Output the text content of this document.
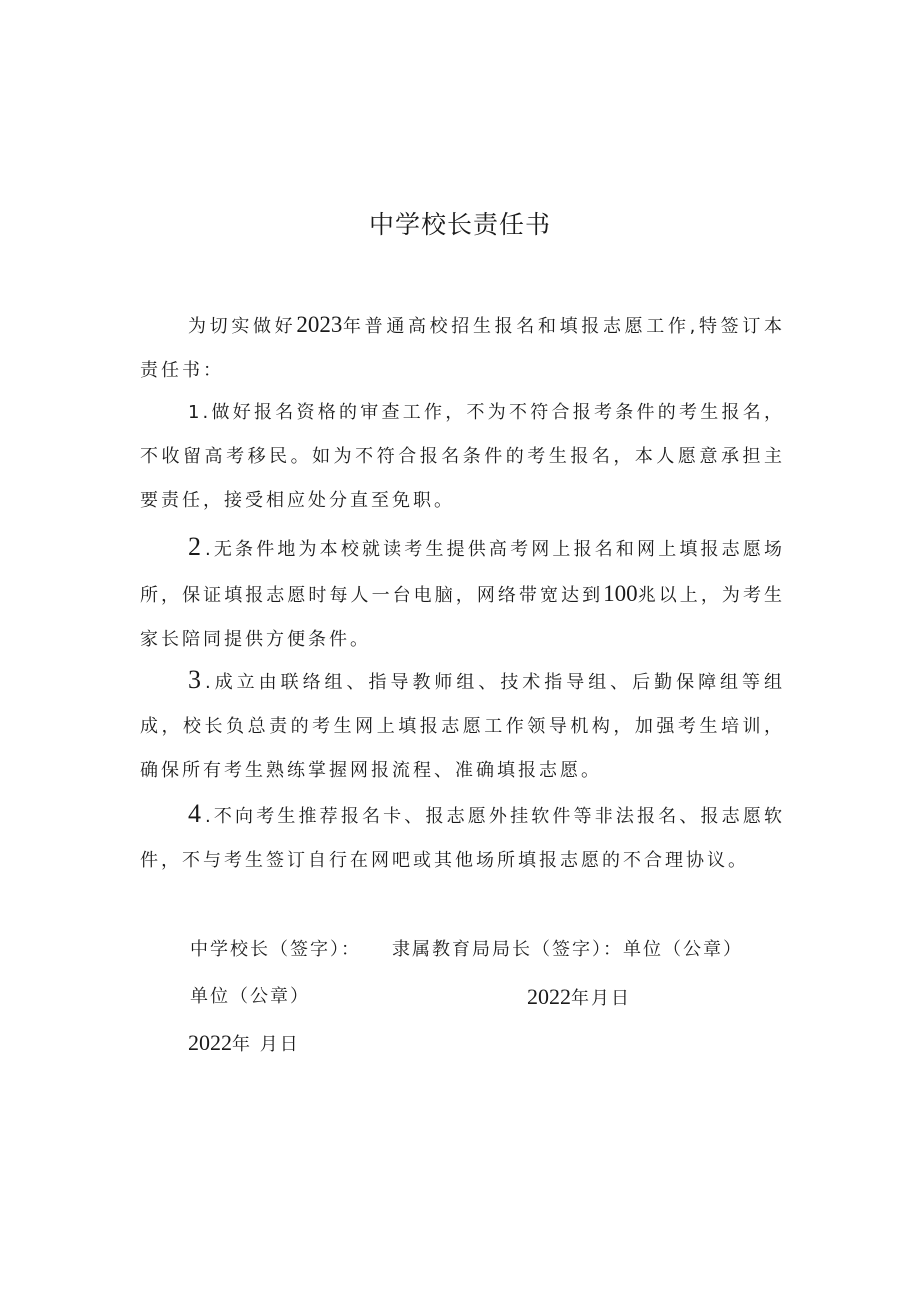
中学校长责任书

为切实做好2023年普通高校招生报名和填报志愿工作,特签订本责任书：

1.做好报名资格的审查工作，不为不符合报考条件的考生报名，不收留高考移民。如为不符合报名条件的考生报名，本人愿意承担主要责任，接受相应处分直至免职。

2 .无条件地为本校就读考生提供高考网上报名和网上填报志愿场所，保证填报志愿时每人一台电脑，网络带宽达到100兆以上，为考生家长陪同提供方便条件。

3 .成立由联络组、指导教师组、技术指导组、后勤保障组等组成，校长负总责的考生网上填报志愿工作领导机构，加强考生培训，确保所有考生熟练掌握网报流程、准确填报志愿。

4 .不向考生推荐报名卡、报志愿外挂软件等非法报名、报志愿软件，不与考生签订自行在网吧或其他场所填报志愿的不合理协议。

中学校长（签字）： 隶属教育局局长（签字）：单位（公章）
单位（公章）	2022年月日
2022年 月日
